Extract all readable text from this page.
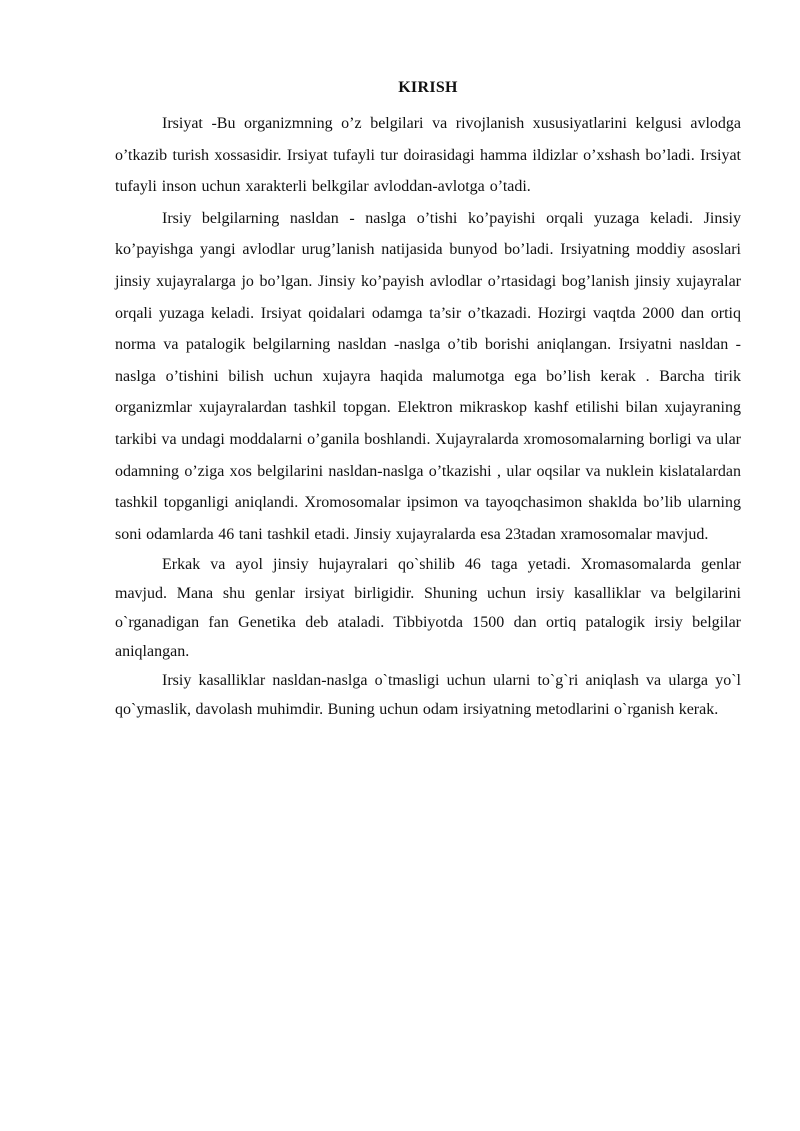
KIRISH

Irsiyat -Bu organizmning o’z belgilari va rivojlanish xususiyatlarini kelgusi avlodga o’tkazib turish xossasidir. Irsiyat tufayli tur doirasidagi hamma ildizlar o’xshash bo’ladi. Irsiyat tufayli inson uchun xarakterli belkgilar avloddan-avlotga o’tadi.

Irsiy belgilarning nasldan - naslga o’tishi ko’payishi orqali yuzaga keladi. Jinsiy ko’payishga yangi avlodlar urug’lanish natijasida bunyod bo’ladi. Irsiyatning moddiy asoslari jinsiy xujayralarga jo bo’lgan. Jinsiy ko’payish avlodlar o’rtasidagi bog’lanish jinsiy xujayralar orqali yuzaga keladi. Irsiyat qoidalari odamga ta’sir o’tkazadi. Hozirgi vaqtda 2000 dan ortiq norma va patalogik belgilarning nasldan -naslga o’tib borishi aniqlangan. Irsiyatni nasldan -naslga o’tishini bilish uchun xujayra haqida malumotga ega bo’lish kerak . Barcha tirik organizmlar xujayralardan tashkil topgan. Elektron mikraskop kashf etilishi bilan xujayraning tarkibi va undagi moddalarni o’ganila boshlandi. Xujayralarda xromosomalarning borligi va ular odamning o’ziga xos belgilarini nasldan-naslga o’tkazishi , ular oqsilar va nuklein kislatalardan tashkil topganligi aniqlandi. Xromosomalar ipsimon va tayoqchasimon shaklda bo’lib ularning soni odamlarda 46 tani tashkil etadi. Jinsiy xujayralarda esa 23tadan xramosomalar mavjud.

Erkak va ayol jinsiy hujayralari qo`shilib 46 taga yetadi. Xromasomalarda genlar mavjud. Mana shu genlar irsiyat birligidir. Shuning uchun irsiy kasalliklar va belgilarini o`rganadigan fan Genetika deb ataladi. Tibbiyotda 1500 dan ortiq patalogik irsiy belgilar aniqlangan.

Irsiy kasalliklar nasldan-naslga o`tmasligi uchun ularni to`g`ri aniqlash va ularga yo`l qo`ymaslik, davolash muhimdir. Buning uchun odam irsiyatning metodlarini o`rganish kerak.
